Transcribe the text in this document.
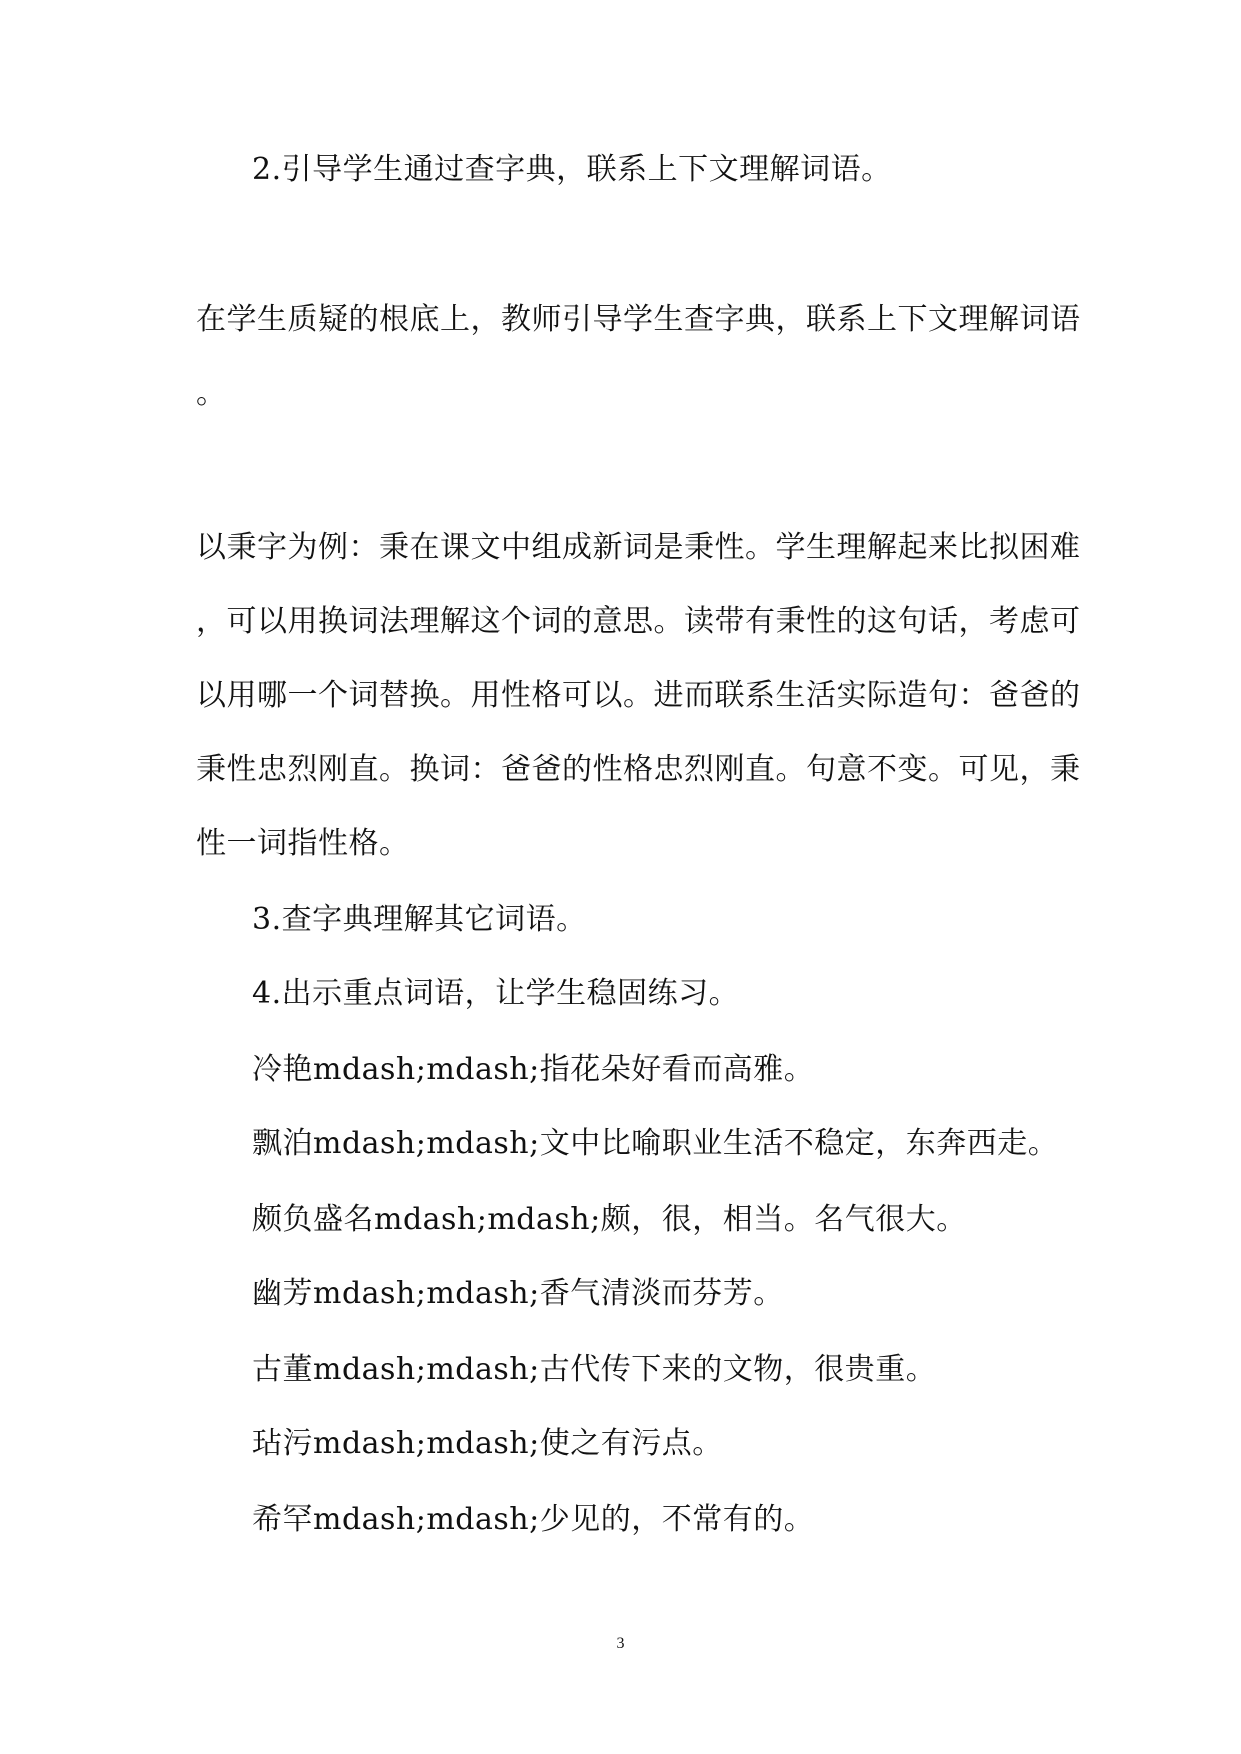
2.引导学生通过查字典，联系上下文理解词语。
在学生质疑的根底上，教师引导学生查字典，联系上下文理解词语
。
以秉字为例：秉在课文中组成新词是秉性。学生理解起来比拟困难
，可以用换词法理解这个词的意思。读带有秉性的这句话，考虑可
以用哪一个词替换。用性格可以。进而联系生活实际造句：爸爸的
秉性忠烈刚直。换词：爸爸的性格忠烈刚直。句意不变。可见，秉
性一词指性格。
3.查字典理解其它词语。
4.出示重点词语，让学生稳固练习。
冷艳mdash;mdash;指花朵好看而高雅。
飘泊mdash;mdash;文中比喻职业生活不稳定，东奔西走。
颇负盛名mdash;mdash;颇，很，相当。名气很大。
幽芳mdash;mdash;香气清淡而芬芳。
古董mdash;mdash;古代传下来的文物，很贵重。
玷污mdash;mdash;使之有污点。
希罕mdash;mdash;少见的，不常有的。
3
